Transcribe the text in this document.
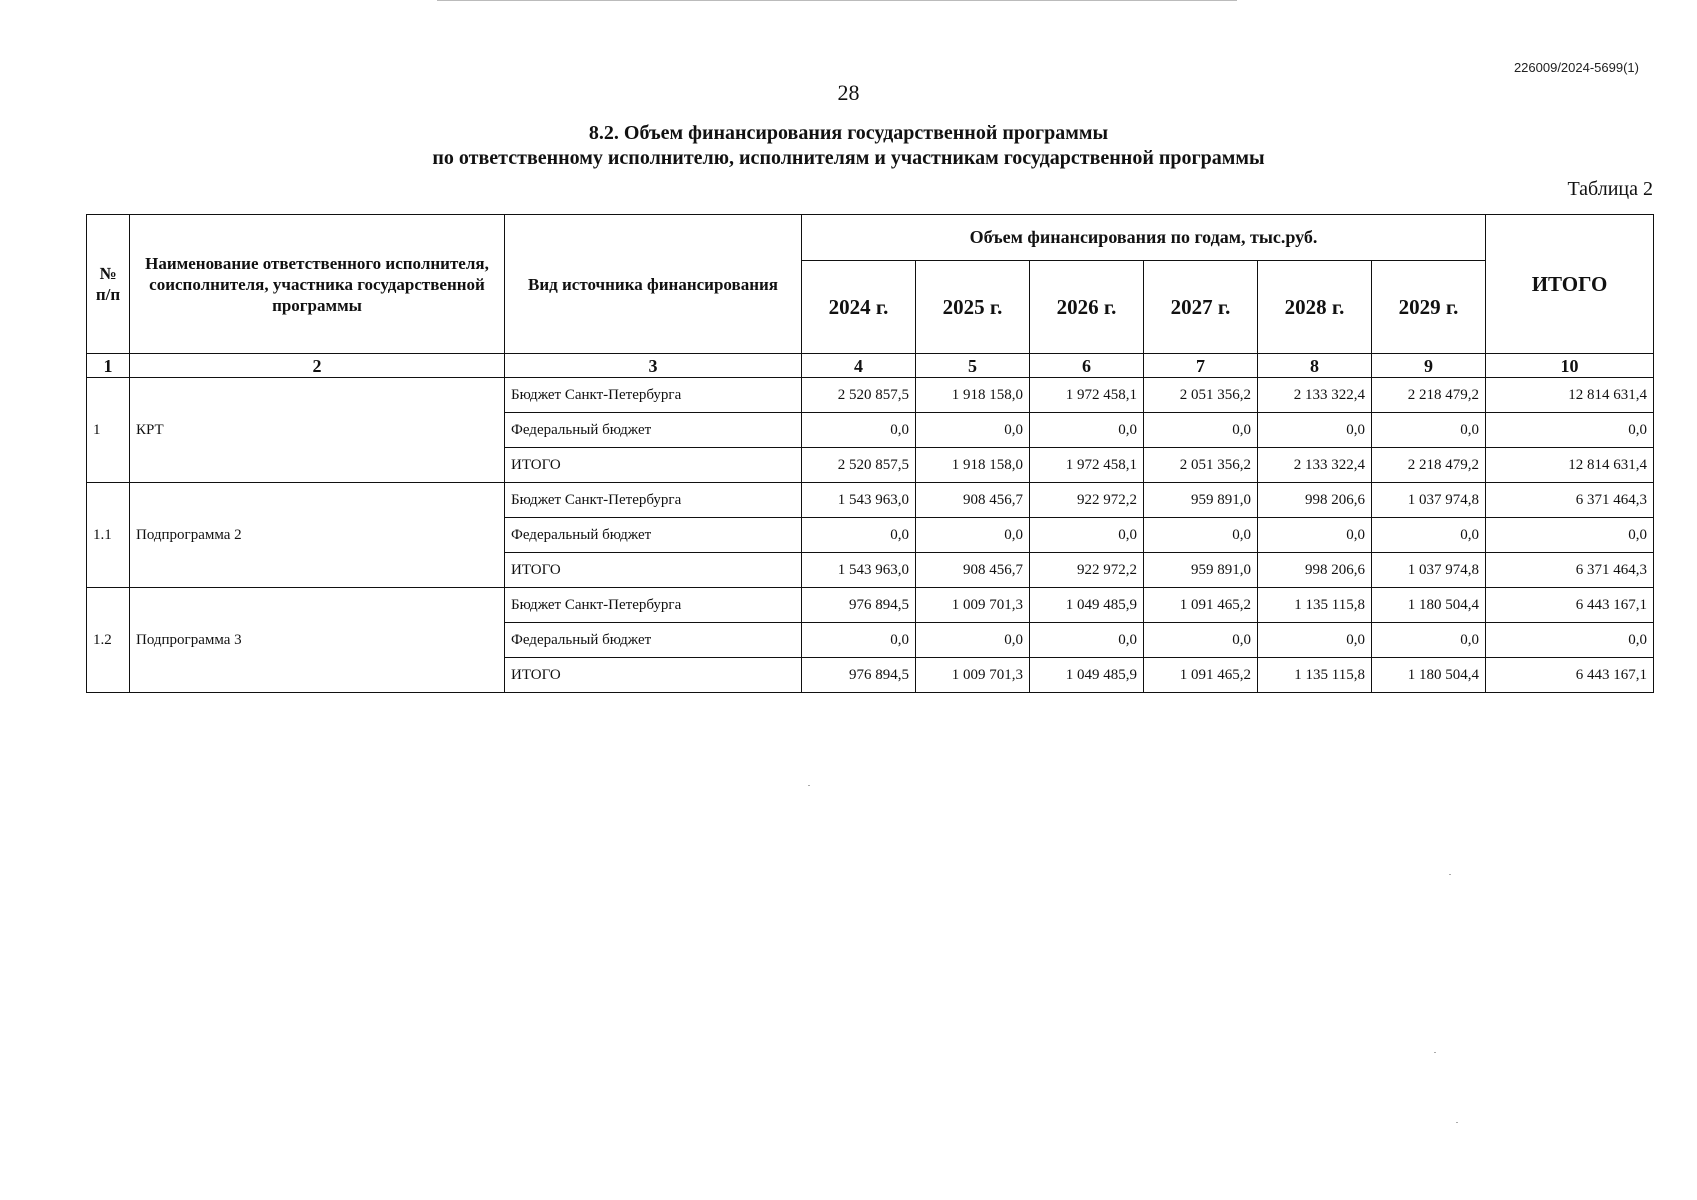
226009/2024-5699(1)
28
8.2. Объем финансирования государственной программы
по ответственному исполнителю, исполнителям и участникам государственной программы
Таблица 2
№ п/п	Наименование ответственного исполнителя, соисполнителя, участника государственной программы	Вид источника финансирования	Объем финансирования по годам, тыс.руб.						ИТОГО
			2024 г.	2025 г.	2026 г.	2027 г.	2028 г.	2029 г.	
1	2	3	4	5	6	7	8	9	10
1	КРТ	Бюджет Санкт-Петербурга	2 520 857,5	1 918 158,0	1 972 458,1	2 051 356,2	2 133 322,4	2 218 479,2	12 814 631,4
		Федеральный бюджет	0,0	0,0	0,0	0,0	0,0	0,0	0,0
		ИТОГО	2 520 857,5	1 918 158,0	1 972 458,1	2 051 356,2	2 133 322,4	2 218 479,2	12 814 631,4
1.1	Подпрограмма 2	Бюджет Санкт-Петербурга	1 543 963,0	908 456,7	922 972,2	959 891,0	998 206,6	1 037 974,8	6 371 464,3
		Федеральный бюджет	0,0	0,0	0,0	0,0	0,0	0,0	0,0
		ИТОГО	1 543 963,0	908 456,7	922 972,2	959 891,0	998 206,6	1 037 974,8	6 371 464,3
1.2	Подпрограмма 3	Бюджет Санкт-Петербурга	976 894,5	1 009 701,3	1 049 485,9	1 091 465,2	1 135 115,8	1 180 504,4	6 443 167,1
		Федеральный бюджет	0,0	0,0	0,0	0,0	0,0	0,0	0,0
		ИТОГО	976 894,5	1 009 701,3	1 049 485,9	1 091 465,2	1 135 115,8	1 180 504,4	6 443 167,1
